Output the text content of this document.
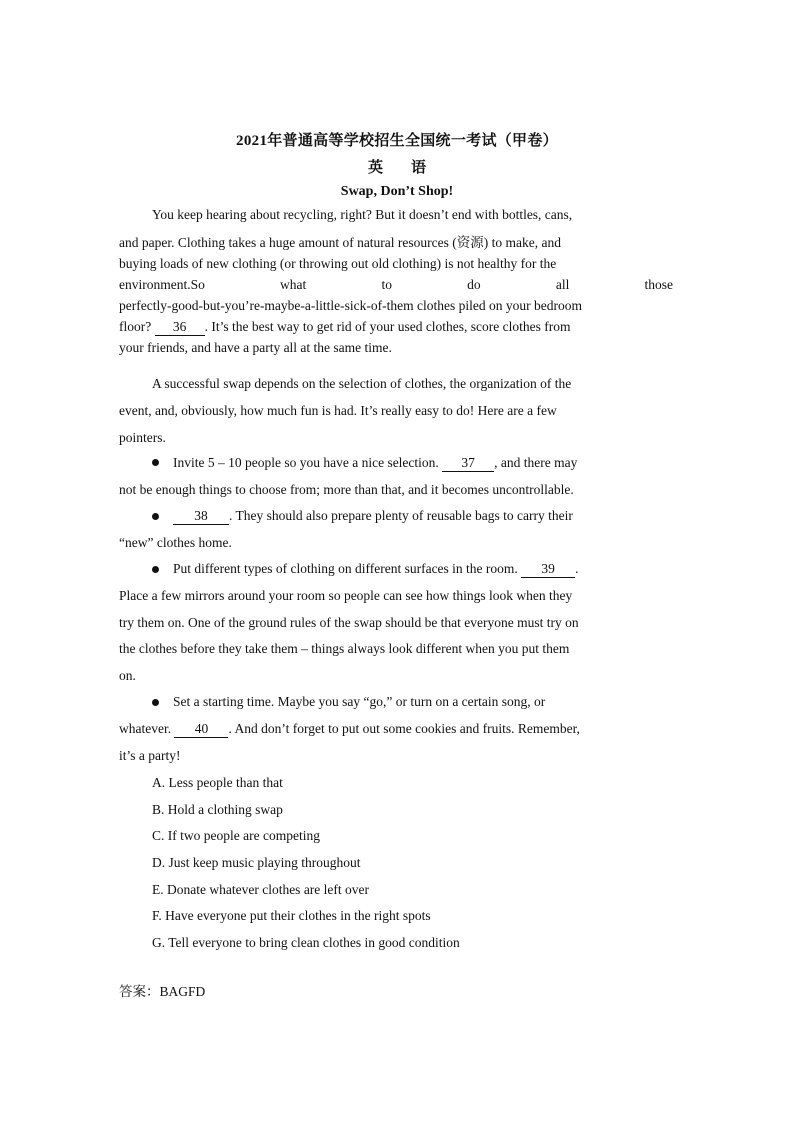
2021年普通高等学校招生全国统一考试（甲卷）
英 语
Swap, Don’t Shop!
You keep hearing about recycling, right? But it doesn’t end with bottles, cans,
and paper. Clothing takes a huge amount of natural resources (资源) to make, and
buying loads of new clothing (or throwing out old clothing) is not healthy for the
environment.So	what	to	do	all	those
perfectly-good-but-you’re-maybe-a-little-sick-of-them clothes piled on your bedroom
floor? 36 . It’s the best way to get rid of your used clothes, score clothes from
your friends, and have a party all at the same time.
A successful swap depends on the selection of clothes, the organization of the
event, and, obviously, how much fun is had. It’s really easy to do! Here are a few
pointers.
Invite 5 – 10 people so you have a nice selection. 37 , and there may
not be enough things to choose from; more than that, and it becomes uncontrollable.
38 . They should also prepare plenty of reusable bags to carry their
“new” clothes home.
Put different types of clothing on different surfaces in the room. 39 .
Place a few mirrors around your room so people can see how things look when they
try them on. One of the ground rules of the swap should be that everyone must try on
the clothes before they take them – things always look different when you put them
on.
Set a starting time. Maybe you say “go,” or turn on a certain song, or
whatever. 40 . And don’t forget to put out some cookies and fruits. Remember,
it’s a party!
A. Less people than that
B. Hold a clothing swap
C. If two people are competing
D. Just keep music playing throughout
E. Donate whatever clothes are left over
F. Have everyone put their clothes in the right spots
G. Tell everyone to bring clean clothes in good condition
答案：BAGFD
